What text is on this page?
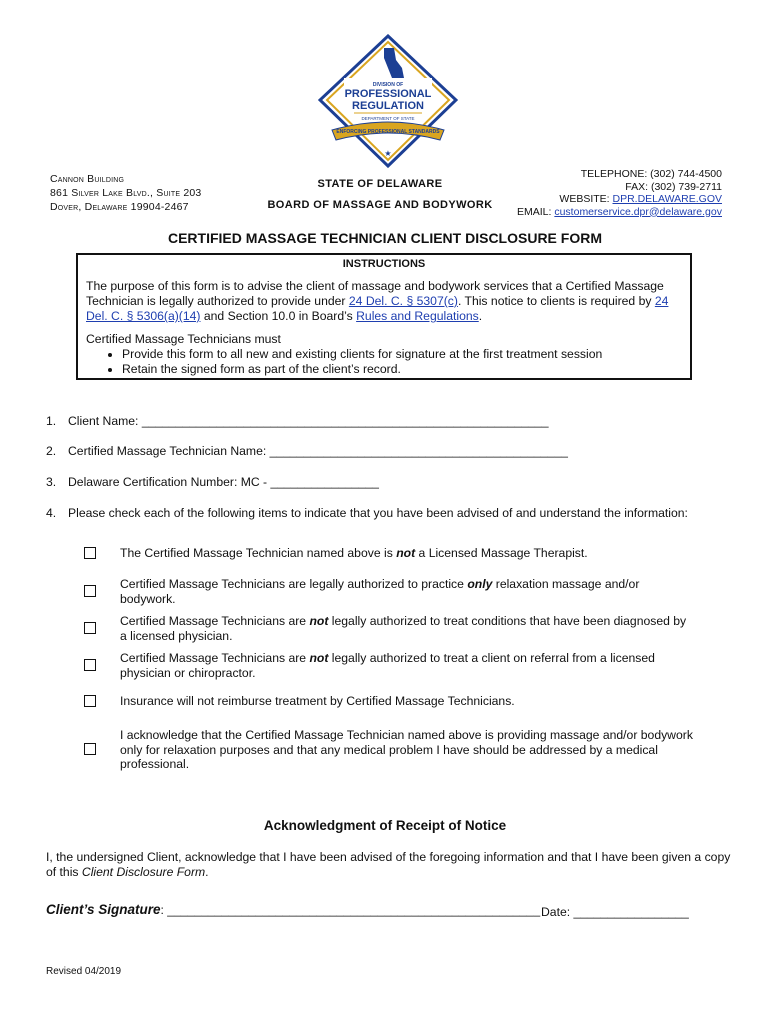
DIVISION OF
PROFESSIONAL
REGULATION
DEPARTMENT OF STATE
ENFORCING PROFESSIONAL STANDARDS
★
Cannon Building
861 Silver Lake Blvd., Suite 203
Dover, Delaware 19904-2467
STATE OF DELAWARE
BOARD OF MASSAGE AND BODYWORK
TELEPHONE: (302) 744-4500
FAX: (302) 739-2711
WEBSITE: DPR.DELAWARE.GOV
EMAIL: customerservice.dpr@delaware.gov
CERTIFIED MASSAGE TECHNICIAN CLIENT DISCLOSURE FORM
INSTRUCTIONS
The purpose of this form is to advise the client of massage and bodywork services that a Certified Massage Technician is legally authorized to provide under 24 Del. C. § 5307(c). This notice to clients is required by 24 Del. C. § 5306(a)(14) and Section 10.0 in Board’s Rules and Regulations.
Certified Massage Technicians must
• Provide this form to all new and existing clients for signature at the first treatment session
• Retain the signed form as part of the client’s record.
1. Client Name: ____________________________________________________________
2. Certified Massage Technician Name: ____________________________________________
3. Delaware Certification Number: MC - ________________
4. Please check each of the following items to indicate that you have been advised of and understand the information:
The Certified Massage Technician named above is not a Licensed Massage Therapist.
Certified Massage Technicians are legally authorized to practice only relaxation massage and/or bodywork.
Certified Massage Technicians are not legally authorized to treat conditions that have been diagnosed by a licensed physician.
Certified Massage Technicians are not legally authorized to treat a client on referral from a licensed physician or chiropractor.
Insurance will not reimburse treatment by Certified Massage Technicians.
I acknowledge that the Certified Massage Technician named above is providing massage and/or bodywork only for relaxation purposes and that any medical problem I have should be addressed by a medical professional.
Acknowledgment of Receipt of Notice
I, the undersigned Client, acknowledge that I have been advised of the foregoing information and that I have been given a copy of this Client Disclosure Form.
Client’s Signature: _______________________________________________________ Date: _________________
Revised 04/2019
